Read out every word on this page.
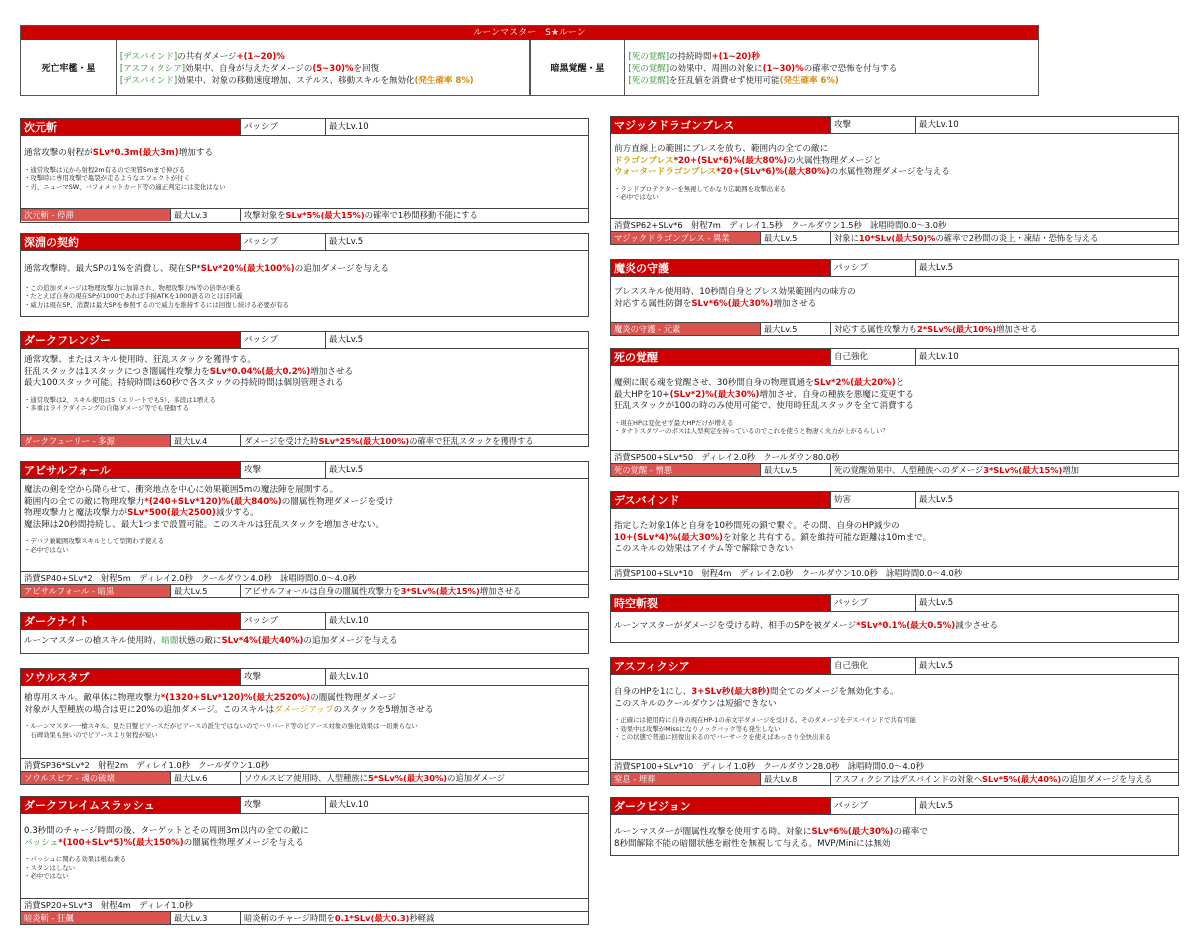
ルーンマスター　S★ルーン
死亡牢檻・星
[デスバインド]の共有ダメージ+(1~20)%
[アスフィクシア]効果中、自身が与えたダメージの(5~30)%を回復
[デスバインド]効果中、対象の移動速度増加、ステルス、移動スキルを無効化(発生確率 8%)
暗黒覚醒・星
[死の覚醒]の持続時間+(1~20)秒
[死の覚醒]の効果中、周囲の対象に(1~30)%の確率で恐怖を付与する
[死の覚醒]を狂乱値を消費せず使用可能(発生確率 6%)
次元斬	パッシブ	最大Lv.10
通常攻撃の射程がSLv*0.3m(最大3m)増加する
・通常攻撃は元から射程2m有るので実質5mまで伸びる
・攻撃時に専用攻撃で亀裂が走るようなエフェクトが付く
・刃、ニューマSW、バフォメットカード等の適正判定には変化はない
次元斬 - 停滞	最大Lv.3	攻撃対象をSLv*5%(最大15%)の確率で1秒間移動不能にする
深淵の契約	パッシブ	最大Lv.5
通常攻撃時、最大SPの1%を消費し、現在SP*SLv*20%(最大100%)の追加ダメージを与える
・この追加ダメージは物理攻撃力に加算され、物理攻撃力%等の倍率が乗る
・たとえば自身の現在SPが1000であれば手描ATKを1000語るのとほぼ同義
・威力は現在SP、消費は最大SPを参照するので威力を維持するには回復し続ける必要が有る
ダークフレンジー	パッシブ	最大Lv.5
通常攻撃、またはスキル使用時、狂乱スタックを獲得する。
狂乱スタックは1スタックにつき闇属性攻撃力をSLv*0.04%(最大0.2%)増加させる
最大100スタック可能。持続時間は60秒で各スタックの持続時間は個別管理される
・通常攻撃は2、スキル使用は5（エリートでも5）、多段は1増える
・多重はライクダイニングの自傷ダメージ等でも発動する
ダークフューリー - 多源	最大Lv.4	ダメージを受けた時SLv*25%(最大100%)の確率で狂乱スタックを獲得する
アビサルフォール	攻撃	最大Lv.5
魔法の剣を空から降らせて、衝突地点を中心に効果範囲5mの魔法陣を展開する。
範囲内の全ての敵に物理攻撃力*(240+SLv*120)%(最大840%)の闇属性物理ダメージを受け
物理攻撃力と魔法攻撃力がSLv*500(最大2500)減少する。
魔法陣は20秒間持続し、最大1つまで設置可能。このスキルは狂乱スタックを増加させない。
・デバフ兼範囲攻撃スキルとして型関わず使える
・必中ではない
消費SP40+SLv*2　射程5m　ディレイ2.0秒　クールダウン4.0秒　詠唱時間0.0～4.0秒
アビサルフォール - 暗黒	最大Lv.5	アビサルフォールは自身の闇属性攻撃力を3*SLv%(最大15%)増加させる
ダークナイト	パッシブ	最大Lv.10
ルーンマスターの槍スキル使用時、暗闇状態の敵にSLv*4%(最大40%)の追加ダメージを与える
ソウルスタブ	攻撃	最大Lv.10
槍専用スキル。敵単体に物理攻撃力*(1320+SLv*120)%(最大2520%)の闇属性物理ダメージ
対象が人型種族の場合は更に20%の追加ダメージ。このスキルはダメージアップのスタックを5増加させる
・ルーンマスター一槍スキル。見た目蟹ピアースだがピアースの派生ではないのでハリバード等のピアース対象の強化効果は一切乗らない
　石碑効果も無いのでピアースより射程が短い
消費SP36*SLv*2　射程2m　ディレイ1.0秒　クールダウン1.0秒
ソウルスピア - 魂の破壊	最大Lv.6	ソウルスピア使用時、人型種族に5*SLv%(最大30%)の追加ダメージ
ダークフレイムスラッシュ	攻撃	最大Lv.10
0.3秒間のチャージ時間の後、ターゲットとその周囲3m以内の全ての敵に
バッシュ*(100+SLv*5)%(最大150%)の闇属性物理ダメージを与える
・パッシュに関わる効果は根ね乗る
・スタンはしない
・必中ではない
消費SP20+SLv*3　射程4m　ディレイ1.0秒
暗炎斬 - 狂飆	最大Lv.3	暗炎斬のチャージ時間を0.1*SLv(最大0.3)秒軽減
マジックドラゴンブレス	攻撃	最大Lv.10
前方直線上の範囲にブレスを放ち、範囲内の全ての敵に
ドラゴンブレス*20+(SLv*6)%(最大80%)の火属性物理ダメージと
ウォータードラゴンブレス*20+(SLv*6)%(最大80%)の水属性物理ダメージを与える
・ランドプロテクターを無視してかなり広範囲を攻撃出来る
・必中ではない
消費SP62+SLv*6　射程7m　ディレイ1.5秒　クールダウン1.5秒　詠唱時間0.0～3.0秒
マジックドラゴンブレス - 異業	最大Lv.5	対象に10*SLv(最大50)%の確率で2秒間の炎上・凍結・恐怖を与える
魔炎の守護	パッシブ	最大Lv.5
ブレススキル使用時、10秒間自身とブレス効果範囲内の味方の
対応する属性防御をSLv*6%(最大30%)増加させる
魔炎の守護 - 元素	最大Lv.5	対応する属性攻撃力も2*SLv%(最大10%)増加させる
死の覚醒	自己強化	最大Lv.10
魔剣に眠る魂を覚醒させ、30秒間自身の物理貫通をSLv*2%(最大20%)と
最大HPを10+(SLv*2)%(最大30%)増加させ、自身の種族を悪魔に変更する
狂乱スタックが100の時のみ使用可能で、使用時狂乱スタックを全て消費する
・現在HPは変化せず最大HPだけが増える
・タナトスタワーのボスは人型判定を持っているのでこれを使うと物凄く火力が上がるらしい？
消費SP500+SLv*50　ディレイ2.0秒　クールダウン80.0秒
死の覚醒 - 憎悪	最大Lv.5	死の覚醒効果中、人型種族へのダメージ3*SLv%(最大15%)増加
デスバインド	妨害	最大Lv.5
指定した対象1体と自身を10秒間死の鎖で繋ぐ。その間、自身のHP減少の
10+(SLv*4)%(最大30%)を対象と共有する。鎖を維持可能な距離は10mまで。
このスキルの効果はアイテム等で解除できない
消費SP100+SLv*10　射程4m　ディレイ2.0秒　クールダウン10.0秒　詠唱時間0.0～4.0秒
時空斬裂	パッシブ	最大Lv.5
ルーンマスターがダメージを受ける時、相手のSPを被ダメージ*SLv*0.1%(最大0.5%)減少させる
アスフィクシア	自己強化	最大Lv.5
自身のHPを1にし、3+SLv秒(最大8秒)間全てのダメージを無効化する。
このスキルのクールダウンは短縮できない
・正確には使用時に自身の現在HP-1の赤文字ダメージを受ける。そのダメージをデスバインドで共有可能
・効果中は攻撃がMissになりノックバック等も発生しない
・この状態で普通に回復出来るのでバーサークを使えばあっさり全快出来る
消費SP100+SLv*10　ディレイ1.0秒　クールダウン28.0秒　詠唱時間0.0～4.0秒
窒息 - 埋葬	最大Lv.8	アスフィクシアはデスバインドの対象へSLv*5%(最大40%)の追加ダメージを与える
ダークビジョン	パッシブ	最大Lv.5
ルーンマスターが闇属性攻撃を使用する時、対象にSLv*6%(最大30%)の確率で
8秒間解除不能の暗闇状態を耐性を無視して与える。MVP/Miniには無効
